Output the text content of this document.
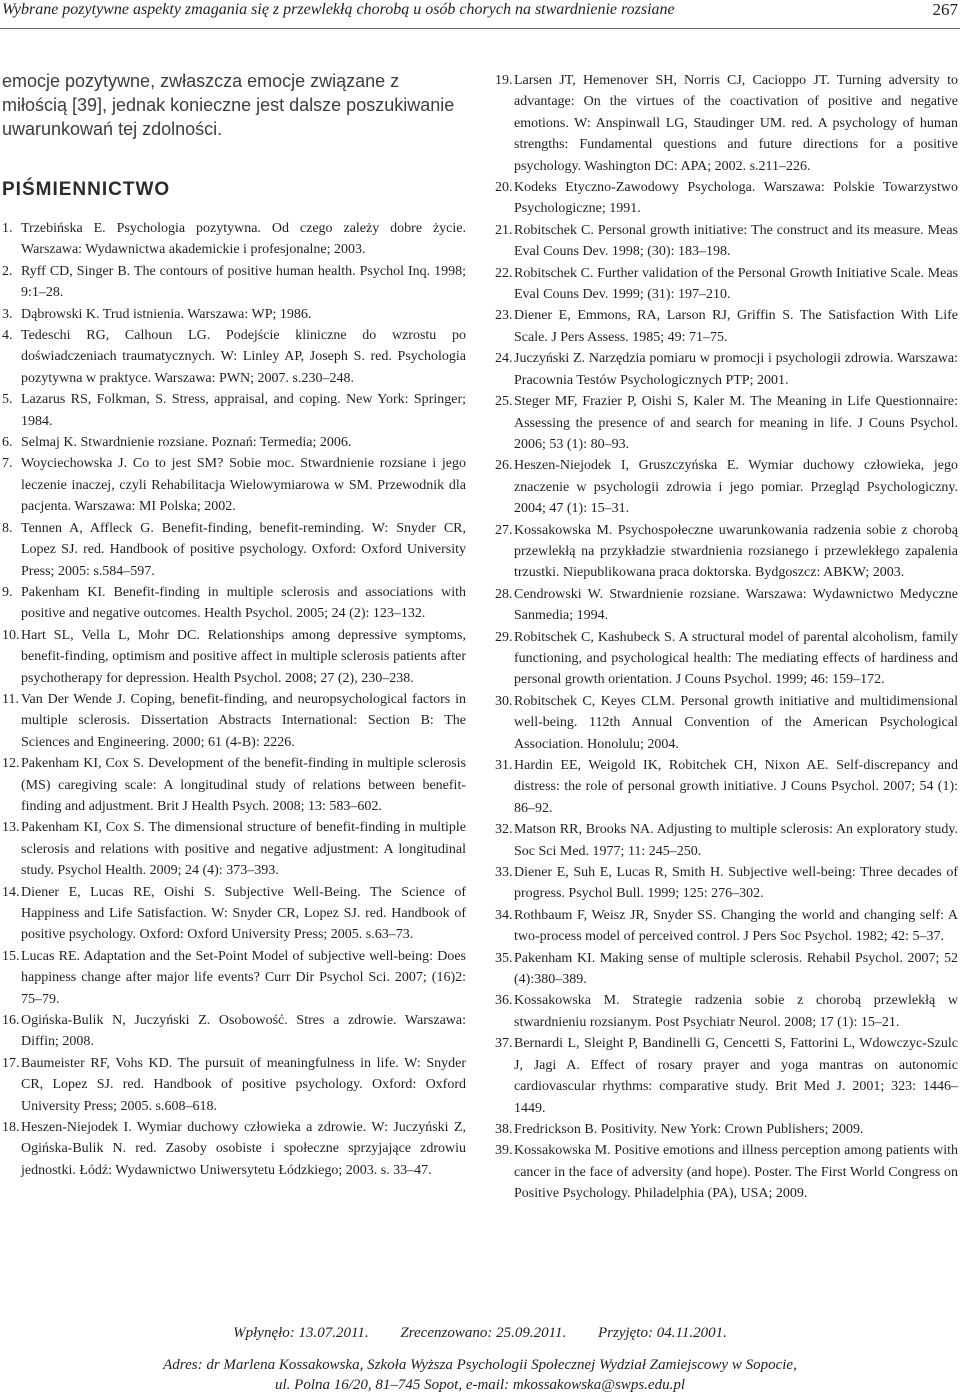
Wybrane pozytywne aspekty zmagania się z przewlekłą chorobą u osób chorych na stwardnienie rozsiane	267

emocje pozytywne, zwłaszcza emocje związane z miłością [39], jednak konieczne jest dalsze poszukiwanie uwarunkowań tej zdolności.

PIŚMIENNICTWO
1. Trzebińska E. Psychologia pozytywna. Od czego zależy dobre życie. Warszawa: Wydawnictwa akademickie i profesjonalne; 2003.
2. Ryff CD, Singer B. The contours of positive human health. Psychol Inq. 1998; 9:1–28.
3. Dąbrowski K. Trud istnienia. Warszawa: WP; 1986.
4. Tedeschi RG, Calhoun LG. Podejście kliniczne do wzrostu po doświadczeniach traumatycznych. W: Linley AP, Joseph S. red. Psychologia pozytywna w praktyce. Warszawa: PWN; 2007. s.230–248.
5. Lazarus RS, Folkman, S. Stress, appraisal, and coping. New York: Springer; 1984.
6. Selmaj K. Stwardnienie rozsiane. Poznań: Termedia; 2006.
7. Woyciechowska J. Co to jest SM? Sobie moc. Stwardnienie rozsiane i jego leczenie inaczej, czyli Rehabilitacja Wielowymiarowa w SM. Przewodnik dla pacjenta. Warszawa: MI Polska; 2002.
8. Tennen A, Affleck G. Benefit-finding, benefit-reminding. W: Snyder CR, Lopez SJ. red. Handbook of positive psychology. Oxford: Oxford University Press; 2005: s.584–597.
9. Pakenham KI. Benefit-finding in multiple sclerosis and associations with positive and negative outcomes. Health Psychol. 2005; 24 (2): 123–132.
10. Hart SL, Vella L, Mohr DC. Relationships among depressive symptoms, benefit-finding, optimism and positive affect in multiple sclerosis patients after psychotherapy for depression. Health Psychol. 2008; 27 (2), 230–238.
11. Van Der Wende J. Coping, benefit-finding, and neuropsychological factors in multiple sclerosis. Dissertation Abstracts International: Section B: The Sciences and Engineering. 2000; 61 (4-B): 2226.
12. Pakenham KI, Cox S. Development of the benefit-finding in multiple sclerosis (MS) caregiving scale: A longitudinal study of relations between benefit-finding and adjustment. Brit J Health Psych. 2008; 13: 583–602.
13. Pakenham KI, Cox S. The dimensional structure of benefit-finding in multiple sclerosis and relations with positive and negative adjustment: A longitudinal study. Psychol Health. 2009; 24 (4): 373–393.
14. Diener E, Lucas RE, Oishi S. Subjective Well-Being. The Science of Happiness and Life Satisfaction. W: Snyder CR, Lopez SJ. red. Handbook of positive psychology. Oxford: Oxford University Press; 2005. s.63–73.
15. Lucas RE. Adaptation and the Set-Point Model of subjective well-being: Does happiness change after major life events? Curr Dir Psychol Sci. 2007; (16)2: 75–79.
16. Ogińska-Bulik N, Juczyński Z. Osobowość. Stres a zdrowie. Warszawa: Diffin; 2008.
17. Baumeister RF, Vohs KD. The pursuit of meaningfulness in life. W: Snyder CR, Lopez SJ. red. Handbook of positive psychology. Oxford: Oxford University Press; 2005. s.608–618.
18. Heszen-Niejodek I. Wymiar duchowy człowieka a zdrowie. W: Juczyński Z, Ogińska-Bulik N. red. Zasoby osobiste i społeczne sprzyjające zdrowiu jednostki. Łódź: Wydawnictwo Uniwersytetu Łódzkiego; 2003. s. 33–47.
19. Larsen JT, Hemenover SH, Norris CJ, Cacioppo JT. Turning adversity to advantage: On the virtues of the coactivation of positive and negative emotions. W: Anspinwall LG, Staudinger UM. red. A psychology of human strengths: Fundamental questions and future directions for a positive psychology. Washington DC: APA; 2002. s.211–226.
20. Kodeks Etyczno-Zawodowy Psychologa. Warszawa: Polskie Towarzystwo Psychologiczne; 1991.
21. Robitschek C. Personal growth initiative: The construct and its measure. Meas Eval Couns Dev. 1998; (30): 183–198.
22. Robitschek C. Further validation of the Personal Growth Initiative Scale. Meas Eval Couns Dev. 1999; (31): 197–210.
23. Diener E, Emmons, RA, Larson RJ, Griffin S. The Satisfaction With Life Scale. J Pers Assess. 1985; 49: 71–75.
24. Juczyński Z. Narzędzia pomiaru w promocji i psychologii zdrowia. Warszawa: Pracownia Testów Psychologicznych PTP; 2001.
25. Steger MF, Frazier P, Oishi S, Kaler M. The Meaning in Life Questionnaire: Assessing the presence of and search for meaning in life. J Couns Psychol. 2006; 53 (1): 80–93.
26. Heszen-Niejodek I, Gruszczyńska E. Wymiar duchowy człowieka, jego znaczenie w psychologii zdrowia i jego pomiar. Przegląd Psychologiczny. 2004; 47 (1): 15–31.
27. Kossakowska M. Psychospołeczne uwarunkowania radzenia sobie z chorobą przewlekłą na przykładzie stwardnienia rozsianego i przewlekłego zapalenia trzustki. Niepublikowana praca doktorska. Bydgoszcz: ABKW; 2003.
28. Cendrowski W. Stwardnienie rozsiane. Warszawa: Wydawnictwo Medyczne Sanmedia; 1994.
29. Robitschek C, Kashubeck S. A structural model of parental alcoholism, family functioning, and psychological health: The mediating effects of hardiness and personal growth orientation. J Couns Psychol. 1999; 46: 159–172.
30. Robitschek C, Keyes CLM. Personal growth initiative and multidimensional well-being. 112th Annual Convention of the American Psychological Association. Honolulu; 2004.
31. Hardin EE, Weigold IK, Robitchek CH, Nixon AE. Self-discrepancy and distress: the role of personal growth initiative. J Couns Psychol. 2007; 54 (1): 86–92.
32. Matson RR, Brooks NA. Adjusting to multiple sclerosis: An exploratory study. Soc Sci Med. 1977; 11: 245–250.
33. Diener E, Suh E, Lucas R, Smith H. Subjective well-being: Three decades of progress. Psychol Bull. 1999; 125: 276–302.
34. Rothbaum F, Weisz JR, Snyder SS. Changing the world and changing self: A two-process model of perceived control. J Pers Soc Psychol. 1982; 42: 5–37.
35. Pakenham KI. Making sense of multiple sclerosis. Rehabil Psychol. 2007; 52 (4):380–389.
36. Kossakowska M. Strategie radzenia sobie z chorobą przewlekłą w stwardnieniu rozsianym. Post Psychiatr Neurol. 2008; 17 (1): 15–21.
37. Bernardi L, Sleight P, Bandinelli G, Cencetti S, Fattorini L, Wdowczyc-Szulc J, Jagi A. Effect of rosary prayer and yoga mantras on autonomic cardiovascular rhythms: comparative study. Brit Med J. 2001; 323: 1446–1449.
38. Fredrickson B. Positivity. New York: Crown Publishers; 2009.
39. Kossakowska M. Positive emotions and illness perception among patients with cancer in the face of adversity (and hope). Poster. The First World Congress on Positive Psychology. Philadelphia (PA), USA; 2009.
Wpłynęło: 13.07.2011. Zrecenzowano: 25.09.2011. Przyjęto: 04.11.2001.
Adres: dr Marlena Kossakowska, Szkoła Wyższa Psychologii Społecznej Wydział Zamiejscowy w Sopocie,
ul. Polna 16/20, 81–745 Sopot, e-mail: mkossakowska@swps.edu.pl
